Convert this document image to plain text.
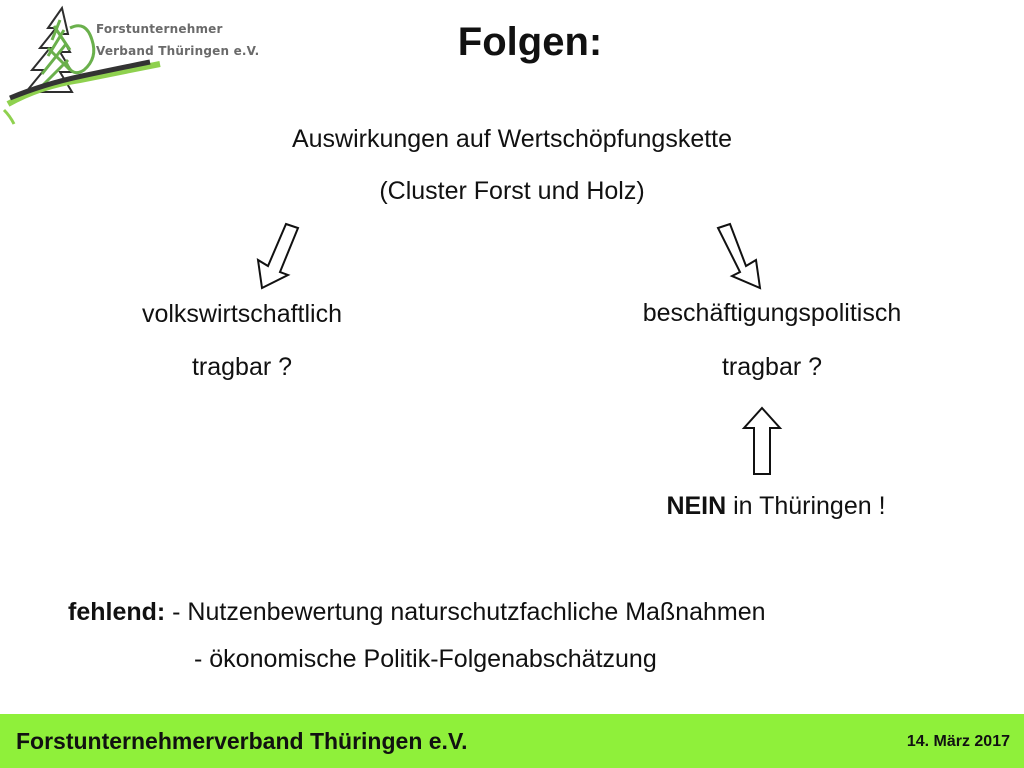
Forstunternehmer
Verband Thüringen e.V.	Folgen:
Auswirkungen auf Wertschöpfungskette
(Cluster Forst und Holz)
volkswirtschaftlich
tragbar ?
beschäftigungspolitisch
tragbar ?
NEIN in Thüringen !
fehlend: - Nutzenbewertung naturschutzfachliche Maßnahmen
- ökonomische Politik-Folgenabschätzung
Forstunternehmerverband Thüringen e.V.	14. März 2017
